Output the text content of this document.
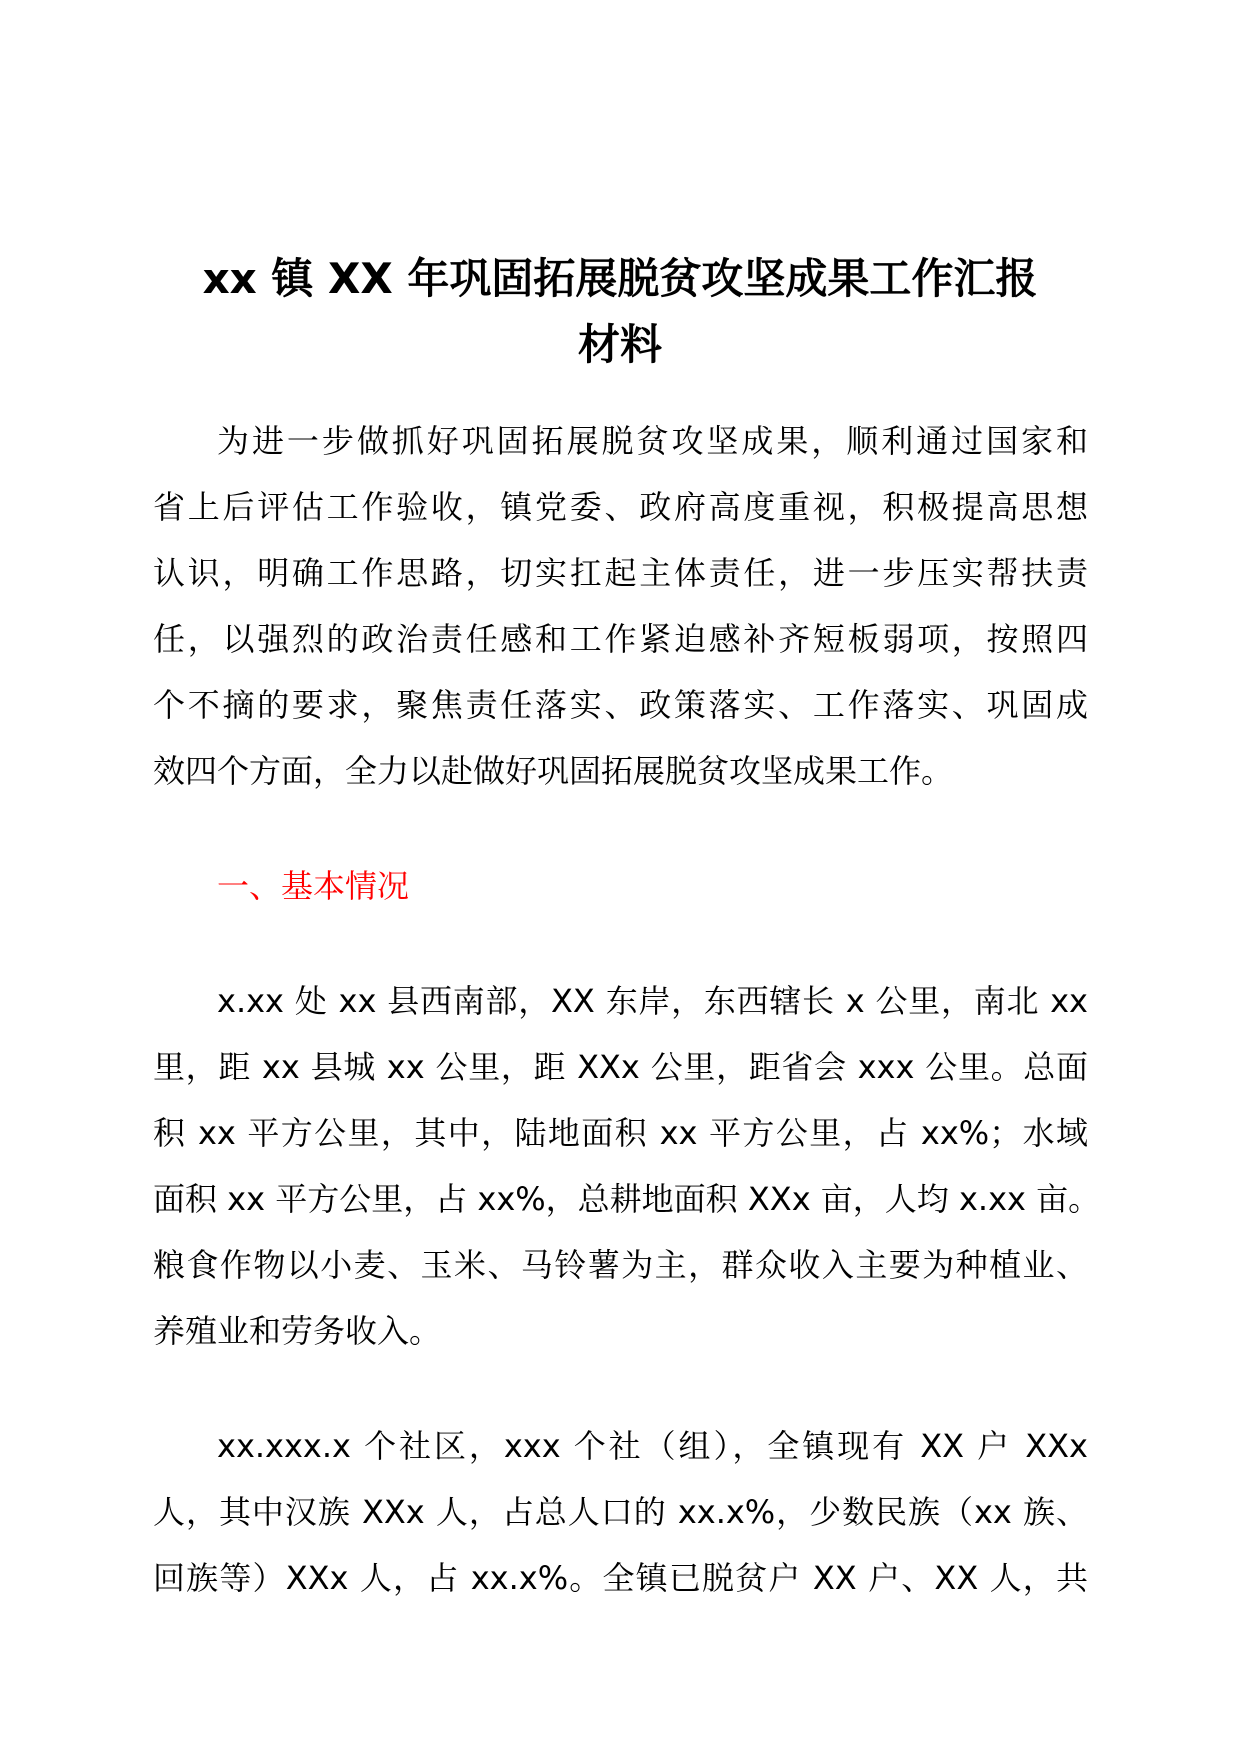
xx 镇 XX 年巩固拓展脱贫攻坚成果工作汇报
材料
为进一步做抓好巩固拓展脱贫攻坚成果，顺利通过国家和
省上后评估工作验收，镇党委、政府高度重视，积极提高思想
认识，明确工作思路，切实扛起主体责任，进一步压实帮扶责
任，以强烈的政治责任感和工作紧迫感补齐短板弱项，按照四
个不摘的要求，聚焦责任落实、政策落实、工作落实、巩固成
效四个方面，全力以赴做好巩固拓展脱贫攻坚成果工作。
一、基本情况
x.xx 处 xx 县西南部，XX 东岸，东西辖长 x 公里，南北 xx
里，距 xx 县城 xx 公里，距 XXx 公里，距省会 xxx 公里。总面
积 xx 平方公里，其中，陆地面积 xx 平方公里，占 xx%；水域
面积 xx 平方公里，占 xx%，总耕地面积 XXx 亩，人均 x.xx 亩。
粮食作物以小麦、玉米、马铃薯为主，群众收入主要为种植业、
养殖业和劳务收入。
xx.xxx.x 个社区，xxx 个社（组），全镇现有 XX 户 XXx
人，其中汉族 XXx 人，占总人口的 xx.x%，少数民族（xx 族、
回族等）XXx 人，占 xx.x%。全镇已脱贫户 XX 户、XX 人，共
